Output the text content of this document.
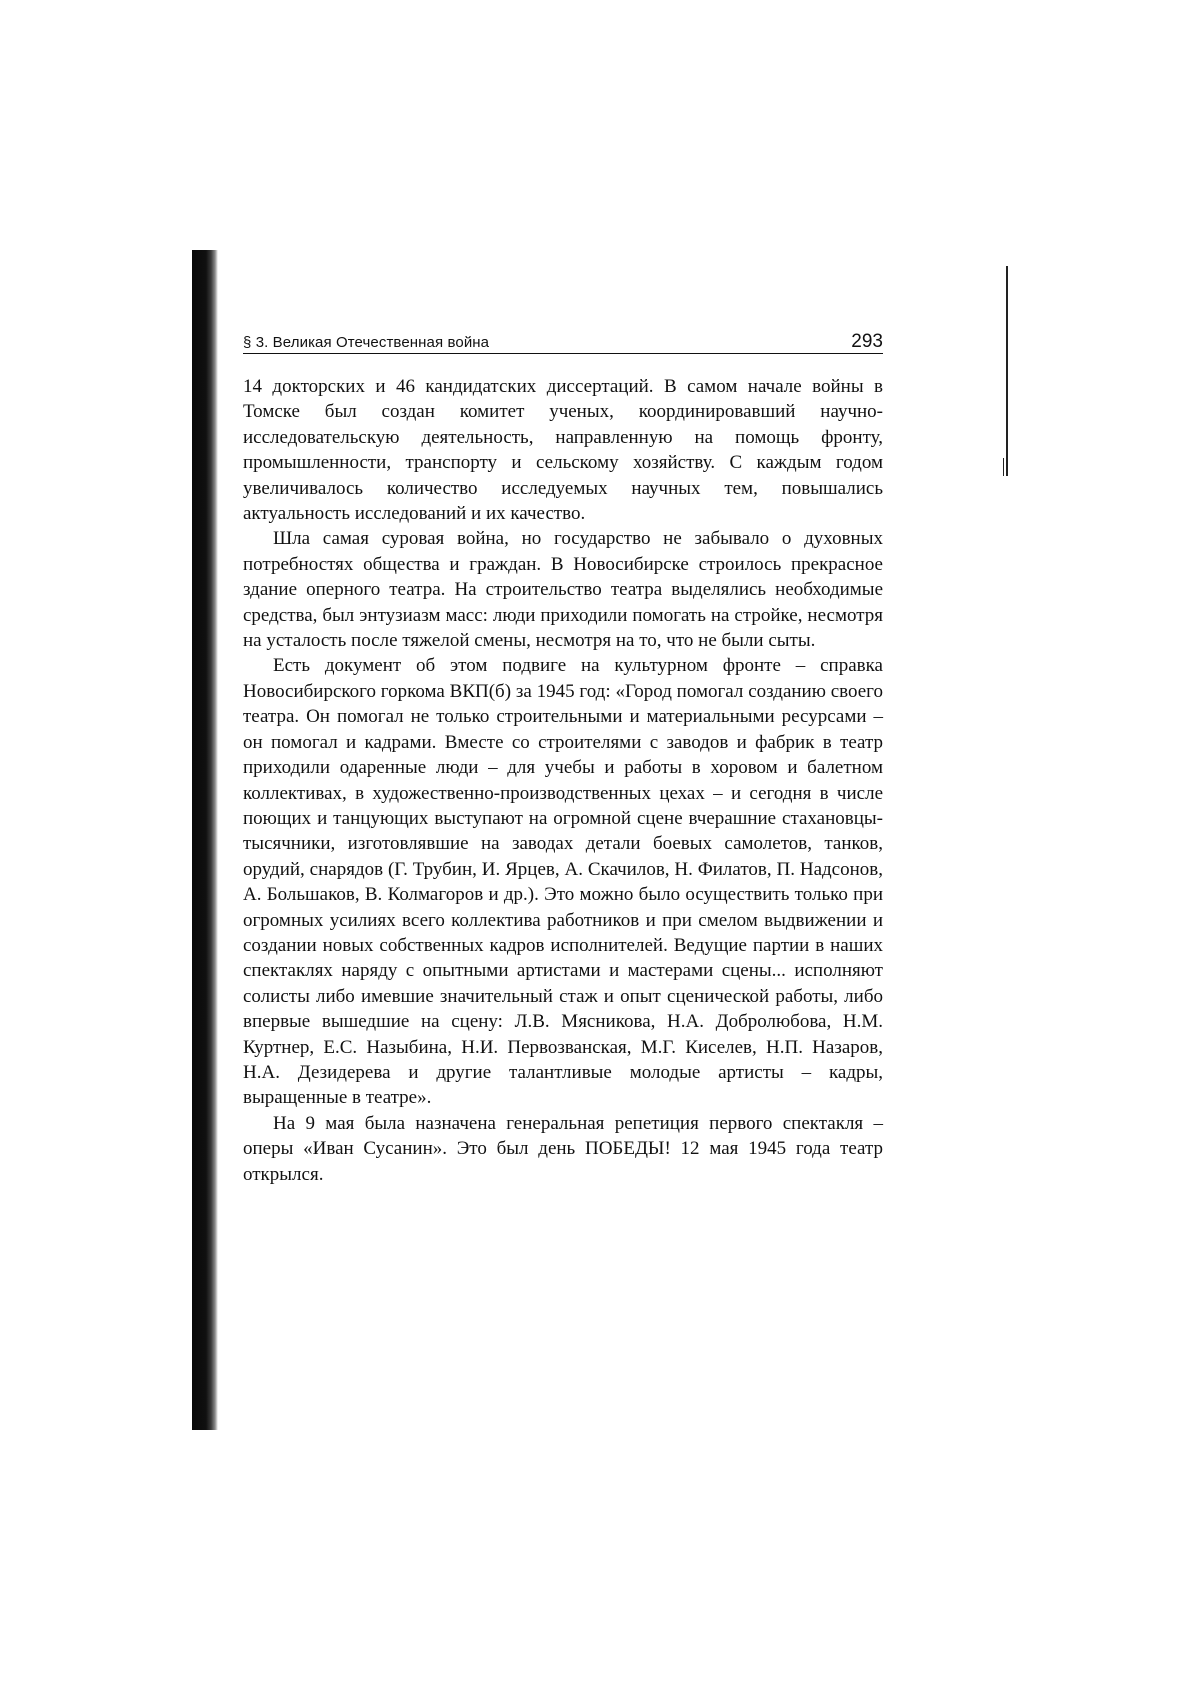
§ 3. Великая Отечественная война	293

14 докторских и 46 кандидатских диссертаций. В самом начале войны в Томске был создан комитет ученых, координировавший научно-исследовательскую деятельность, направленную на помощь фронту, промышленности, транспорту и сельскому хозяйству. С каждым годом увеличивалось количество исследуемых научных тем, повышались актуальность исследований и их качество.

Шла самая суровая война, но государство не забывало о духовных потребностях общества и граждан. В Новосибирске строилось прекрасное здание оперного театра. На строительство театра выделялись необходимые средства, был энтузиазм масс: люди приходили помогать на стройке, несмотря на усталость после тяжелой смены, несмотря на то, что не были сыты.

Есть документ об этом подвиге на культурном фронте – справка Новосибирского горкома ВКП(б) за 1945 год: «Город помогал созданию своего театра. Он помогал не только строительными и материальными ресурсами – он помогал и кадрами. Вместе со строителями с заводов и фабрик в театр приходили одаренные люди – для учебы и работы в хоровом и балетном коллективах, в художественно-производственных цехах – и сегодня в числе поющих и танцующих выступают на огромной сцене вчерашние стахановцы-тысячники, изготовлявшие на заводах детали боевых самолетов, танков, орудий, снарядов (Г. Трубин, И. Ярцев, А. Скачилов, Н. Филатов, П. Надсонов, А. Большаков, В. Колмагоров и др.). Это можно было осуществить только при огромных усилиях всего коллектива работников и при смелом выдвижении и создании новых собственных кадров исполнителей. Ведущие партии в наших спектаклях наряду с опытными артистами и мастерами сцены... исполняют солисты либо имевшие значительный стаж и опыт сценической работы, либо впервые вышедшие на сцену: Л.В. Мясникова, Н.А. Добролюбова, Н.М. Куртнер, Е.С. Назыбина, Н.И. Первозванская, М.Г. Киселев, Н.П. Назаров, Н.А. Дезидерева и другие талантливые молодые артисты – кадры, выращенные в театре».

На 9 мая была назначена генеральная репетиция первого спектакля – оперы «Иван Сусанин». Это был день ПОБЕДЫ! 12 мая 1945 года театр открылся.
